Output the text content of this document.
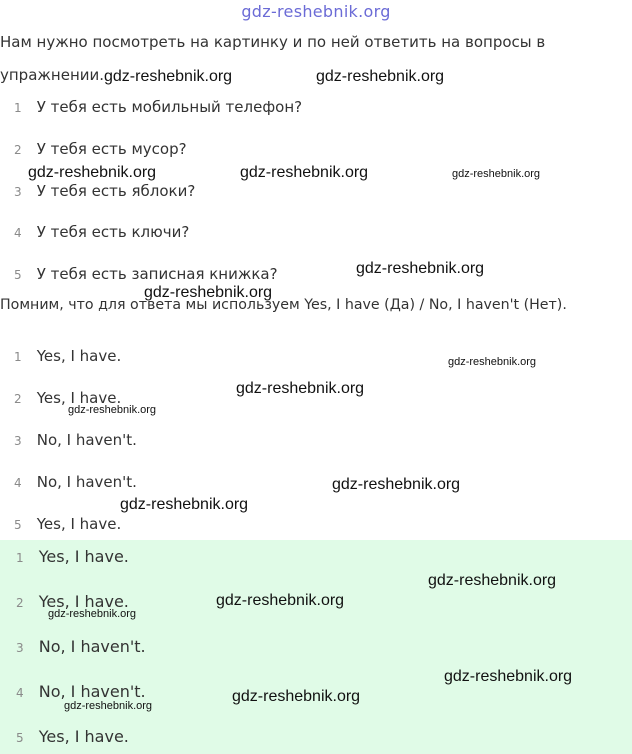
gdz-reshebnik.org
Нам нужно посмотреть на картинку и по ней ответить на вопросы в
упражнении.
1 У тебя есть мобильный телефон?
2 У тебя есть мусор?
3 У тебя есть яблоки?
4 У тебя есть ключи?
5 У тебя есть записная книжка?
Помним, что для ответа мы используем Yes, I have (Да) / No, I haven't (Нет).
1 Yes, I have.
2 Yes, I have.
3 No, I haven't.
4 No, I haven't.
5 Yes, I have.
1 Yes, I have.
2 Yes, I have.
3 No, I haven't.
4 No, I haven't.
5 Yes, I have.
gdz-reshebnik.org	gdz-reshebnik.org
gdz-reshebnik.org	gdz-reshebnik.org	gdz-reshebnik.org
gdz-reshebnik.org
gdz-reshebnik.org
gdz-reshebnik.org
gdz-reshebnik.org
gdz-reshebnik.org
gdz-reshebnik.org
gdz-reshebnik.org
gdz-reshebnik.org
gdz-reshebnik.org
gdz-reshebnik.org
gdz-reshebnik.org
gdz-reshebnik.org
gdz-reshebnik.org
